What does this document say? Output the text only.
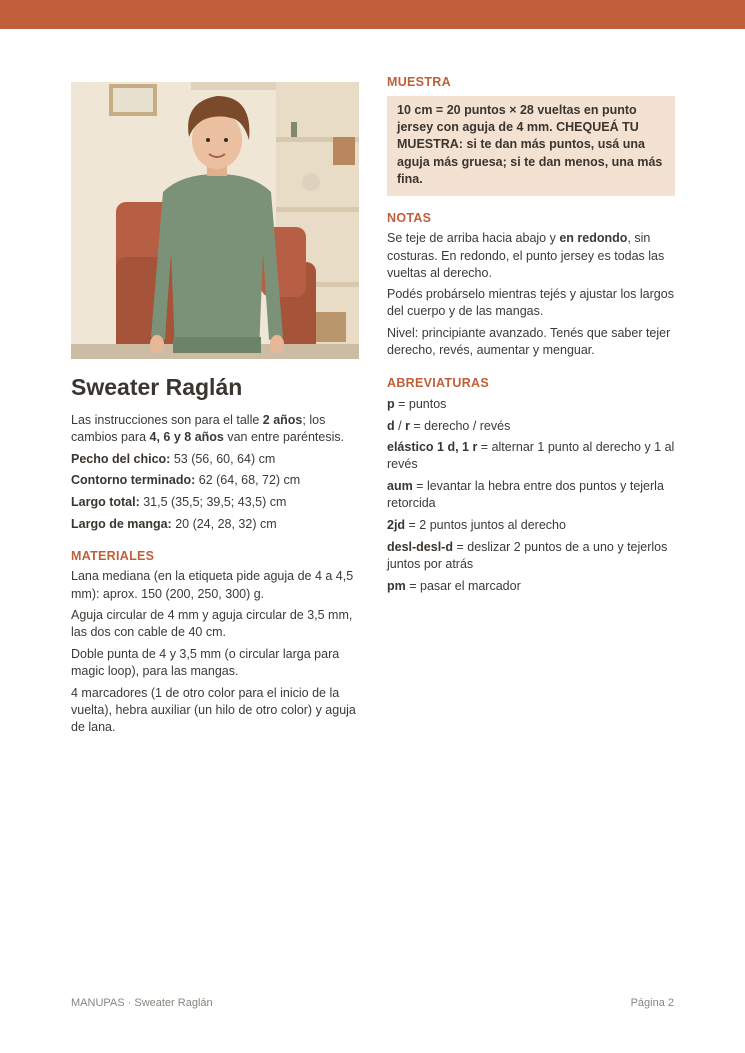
Sweater Raglán

Las instrucciones son para el talle 2 años; los cambios para 4, 6 y 8 años van entre paréntesis.

Pecho del chico: 53 (56, 60, 64) cm

Contorno terminado: 62 (64, 68, 72) cm

Largo total: 31,5 (35,5; 39,5; 43,5) cm

Largo de manga: 20 (24, 28, 32) cm

MATERIALES

Lana mediana (en la etiqueta pide aguja de 4 a 4,5 mm): aprox. 150 (200, 250, 300) g.

Aguja circular de 4 mm y aguja circular de 3,5 mm, las dos con cable de 40 cm.

Doble punta de 4 y 3,5 mm (o circular larga para magic loop), para las mangas.

4 marcadores (1 de otro color para el inicio de la vuelta), hebra auxiliar (un hilo de otro color) y aguja de lana.

MUESTRA

10 cm = 20 puntos × 28 vueltas en punto jersey con aguja de 4 mm. CHEQUEÁ TU MUESTRA: si te dan más puntos, usá una aguja más gruesa; si te dan menos, una más fina.

NOTAS

Se teje de arriba hacia abajo y en redondo, sin costuras. En redondo, el punto jersey es todas las vueltas al derecho.

Podés probárselo mientras tejés y ajustar los largos del cuerpo y de las mangas.

Nivel: principiante avanzado. Tenés que saber tejer derecho, revés, aumentar y menguar.

ABREVIATURAS

p = puntos

d / r = derecho / revés

elástico 1 d, 1 r = alternar 1 punto al derecho y 1 al revés

aum = levantar la hebra entre dos puntos y tejerla retorcida

2jd = 2 puntos juntos al derecho

desl-desl-d = deslizar 2 puntos de a uno y tejerlos juntos por atrás

pm = pasar el marcador

MANUPAS · Sweater Raglán	Página 2
